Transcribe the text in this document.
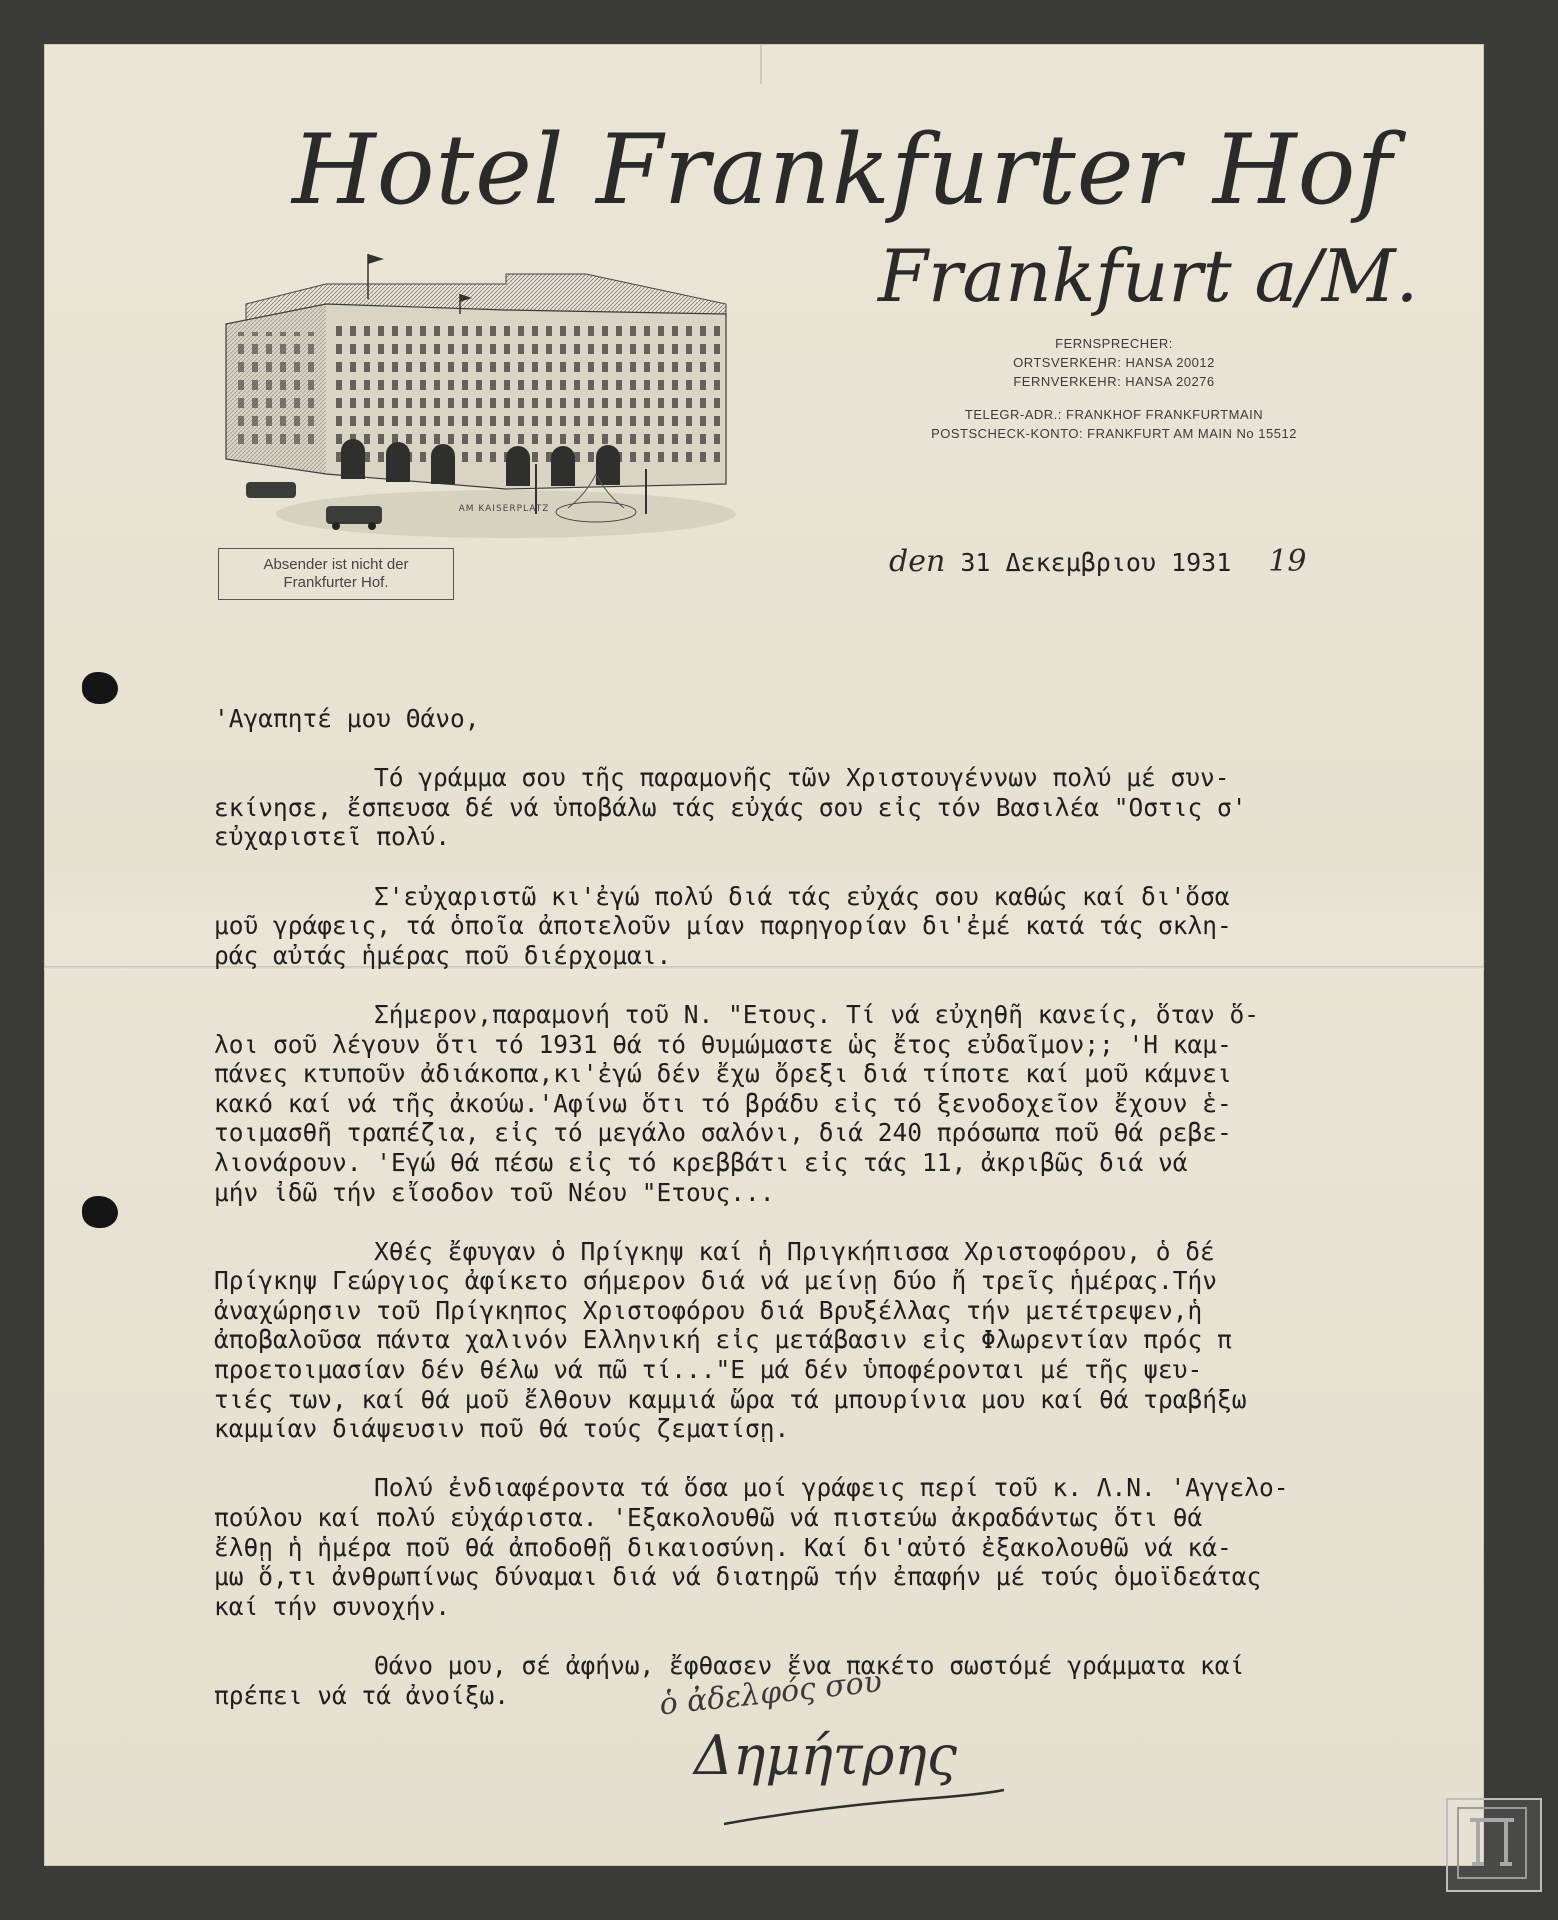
Hotel Frankfurter Hof
Frankfurt a/M.
AM KAISERPLATZ
FERNSPRECHER:
ORTSVERKEHR: HANSA 20012
FERNVERKEHR: HANSA 20276
TELEGR-ADR.: FRANKHOF FRANKFURTMAIN
POSTSCHECK-KONTO: FRANKFURT AM MAIN No 15512
Absender ist nicht der
Frankfurter Hof.
den 31 Δεκεμβριου 1931 19
'Αγαπητέ μου Θάνο,
Τό γράμμα σου τῆς παραμονῆς τῶν Χριστουγέννων πολύ μέ συν-
εκίνησε, ἔσπευσα δέ νά ὑποβάλω τάς εὐχάς σου εἰς τόν Βασιλέα "Οστις σ'
εὐχαριστεῖ πολύ.
Σ'εὐχαριστῶ κι'ἐγώ πολύ διά τάς εὐχάς σου καθώς καί δι'ὅσα
μοῦ γράφεις, τά ὁποῖα ἀποτελοῦν μίαν παρηγορίαν δι'ἐμέ κατά τάς σκλη-
ράς αὐτάς ἡμέρας ποῦ διέρχομαι.
Σήμερον,παραμονή τοῦ Ν. "Ετους. Τί νά εὐχηθῆ κανείς, ὅταν ὅ-
λοι σοῦ λέγουν ὅτι τό 1931 θά τό θυμώμαστε ὡς ἔτος εὐδαῖμον;; 'Η καμ-
πάνες κτυποῦν ἀδιάκοπα,κι'ἐγώ δέν ἔχω ὄρεξι διά τίποτε καί μοῦ κάμνει
κακό καί νά τῆς ἀκούω.'Αφίνω ὅτι τό βράδυ εἰς τό ξενοδοχεῖον ἔχουν ἑ-
τοιμασθῆ τραπέζια, εἰς τό μεγάλο σαλόνι, διά 240 πρόσωπα ποῦ θά ρεβε-
λιονάρουν. 'Εγώ θά πέσω εἰς τό κρεββάτι εἰς τάς 11, ἀκριβῶς διά νά
μήν ἰδῶ τήν εἴσοδον τοῦ Νέου "Ετους...
Χθές ἔφυγαν ὁ Πρίγκηψ καί ἡ Πριγκήπισσα Χριστοφόρου, ὁ δέ
Πρίγκηψ Γεώργιος ἀφίκετο σήμερον διά νά μείνῃ δύο ἤ τρεῖς ἡμέρας.Τήν
ἀναχώρησιν τοῦ Πρίγκηπος Χριστοφόρου διά Βρυξέλλας τήν μετέτρεψεν,ἡ
ἀποβαλοῦσα πάντα χαλινόν Ελληνική εἰς μετάβασιν εἰς Φλωρεντίαν πρός π
προετοιμασίαν δέν θέλω νά πῶ τί..."Ε μά δέν ὑποφέρονται μέ τῆς ψευ-
τιές των, καί θά μοῦ ἔλθουν καμμιά ὥρα τά μπουρίνια μου καί θά τραβήξω
καμμίαν διάψευσιν ποῦ θά τούς ζεματίσῃ.
Πολύ ἐνδιαφέροντα τά ὅσα μοί γράφεις περί τοῦ κ. Λ.Ν. 'Αγγελο-
πούλου καί πολύ εὐχάριστα. 'Εξακολουθῶ νά πιστεύω ἀκραδάντως ὅτι θά
ἔλθῃ ἡ ἡμέρα ποῦ θά ἀποδοθῇ δικαιοσύνη. Καί δι'αὐτό ἐξακολουθῶ νά κά-
μω ὅ,τι ἀνθρωπίνως δύναμαι διά νά διατηρῶ τήν ἐπαφήν μέ τούς ὁμοϊδεάτας
καί τήν συνοχήν.
Θάνο μου, σέ ἀφήνω, ἔφθασεν ἕνα πακέτο σωστόμέ γράμματα καί
πρέπει νά τά ἀνοίξω.	ὁ ἀδελφός σου
Δημήτρης
